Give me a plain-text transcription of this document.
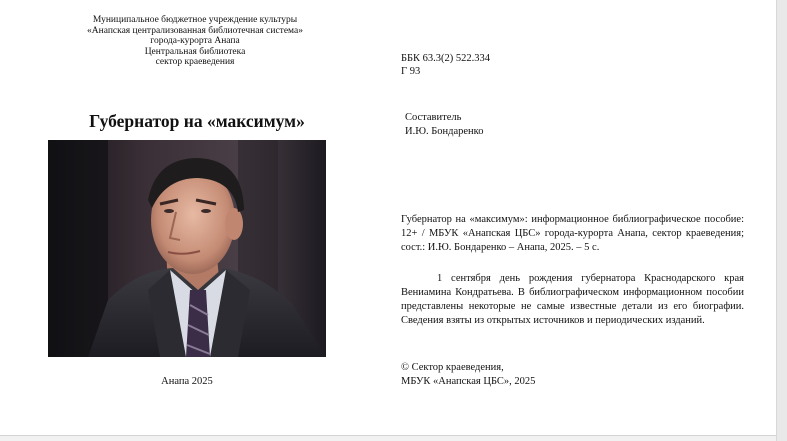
Муниципальное бюджетное учреждение культуры
«Анапская централизованная библиотечная система»
города-курорта Анапа
Центральная библиотека
сектор краеведения
Губернатор на «максимум»
Анапа 2025
ББК 63.3(2) 522.334
Г 93
Составитель
И.Ю. Бондаренко
Губернатор на «максимум»: информационное библиографическое пособие: 12+ / МБУК «Анапская ЦБС» города-курорта Анапа, сектор краеведения; сост.: И.Ю. Бондаренко – Анапа, 2025. – 5 с.
1 сентября день рождения губернатора Краснодарского края Вениамина Кондратьева. В библиографическом информационном пособии представлены некоторые не самые известные детали из его биографии. Сведения взяты из открытых источников и периодических изданий.
© Сектор краеведения,
МБУК «Анапская ЦБС», 2025
